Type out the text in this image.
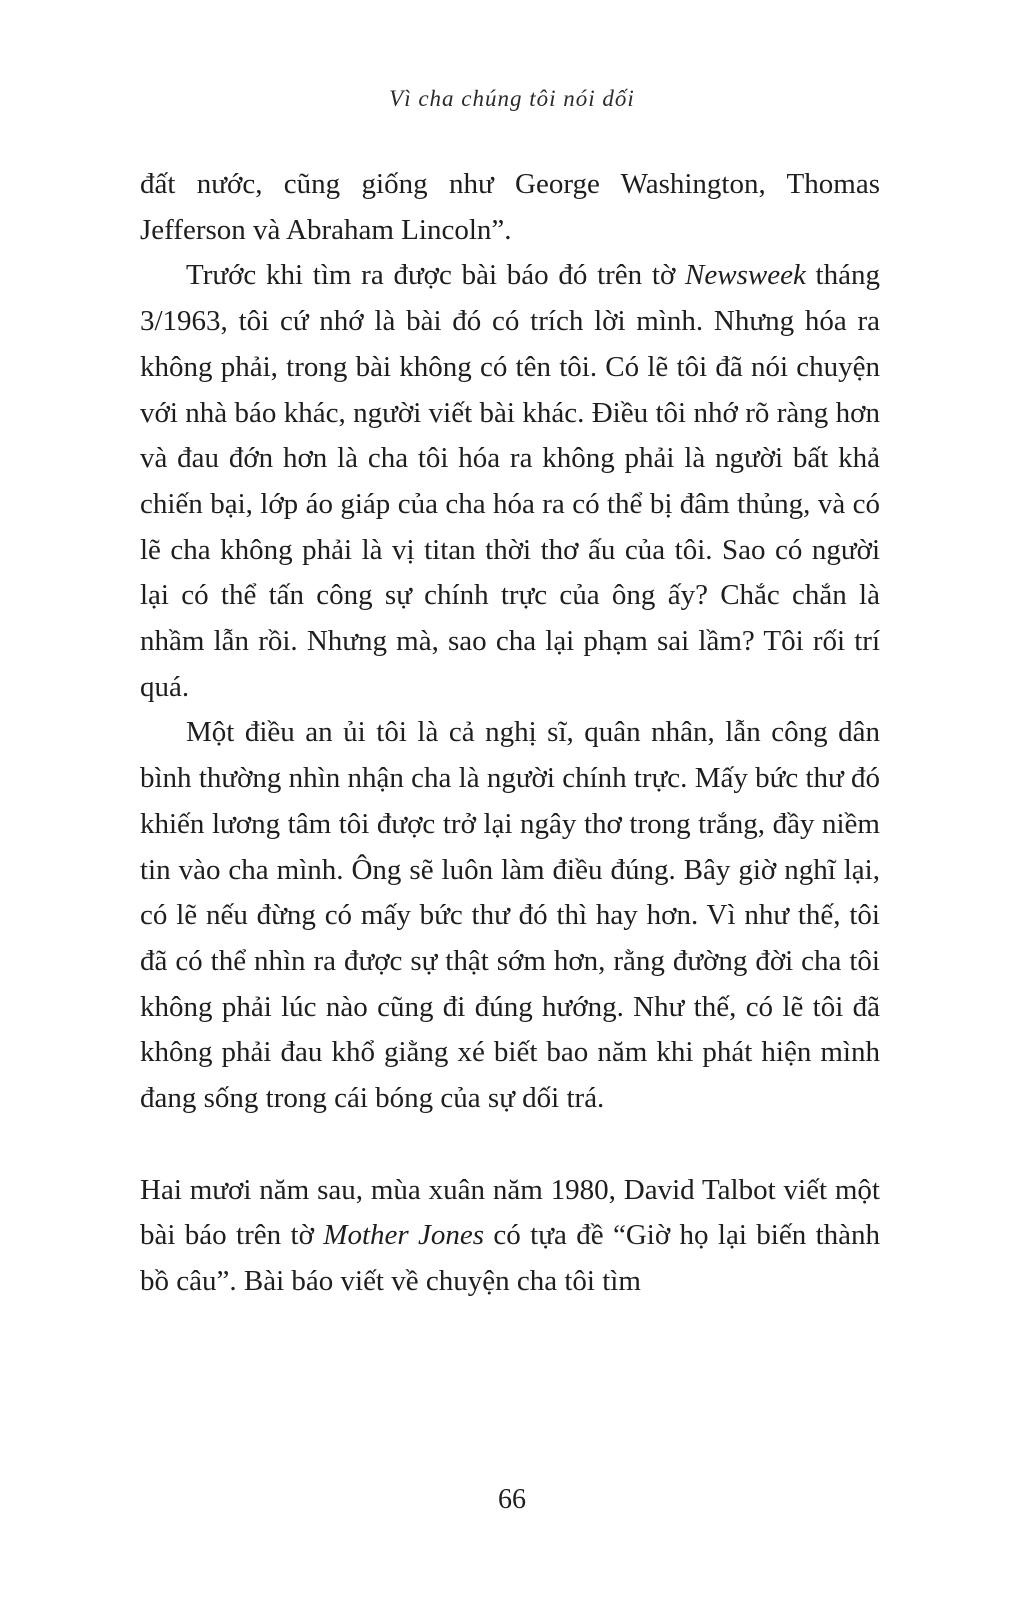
Vì cha chúng tôi nói dối

đất nước, cũng giống như George Washington, Thomas Jefferson và Abraham Lincoln”.

Trước khi tìm ra được bài báo đó trên tờ Newsweek tháng 3/1963, tôi cứ nhớ là bài đó có trích lời mình. Nhưng hóa ra không phải, trong bài không có tên tôi. Có lẽ tôi đã nói chuyện với nhà báo khác, người viết bài khác. Điều tôi nhớ rõ ràng hơn và đau đớn hơn là cha tôi hóa ra không phải là người bất khả chiến bại, lớp áo giáp của cha hóa ra có thể bị đâm thủng, và có lẽ cha không phải là vị titan thời thơ ấu của tôi. Sao có người lại có thể tấn công sự chính trực của ông ấy? Chắc chắn là nhầm lẫn rồi. Nhưng mà, sao cha lại phạm sai lầm? Tôi rối trí quá.

Một điều an ủi tôi là cả nghị sĩ, quân nhân, lẫn công dân bình thường nhìn nhận cha là người chính trực. Mấy bức thư đó khiến lương tâm tôi được trở lại ngây thơ trong trắng, đầy niềm tin vào cha mình. Ông sẽ luôn làm điều đúng. Bây giờ nghĩ lại, có lẽ nếu đừng có mấy bức thư đó thì hay hơn. Vì như thế, tôi đã có thể nhìn ra được sự thật sớm hơn, rằng đường đời cha tôi không phải lúc nào cũng đi đúng hướng. Như thế, có lẽ tôi đã không phải đau khổ giằng xé biết bao năm khi phát hiện mình đang sống trong cái bóng của sự dối trá.

Hai mươi năm sau, mùa xuân năm 1980, David Talbot viết một bài báo trên tờ Mother Jones có tựa đề “Giờ họ lại biến thành bồ câu”. Bài báo viết về chuyện cha tôi tìm

66
